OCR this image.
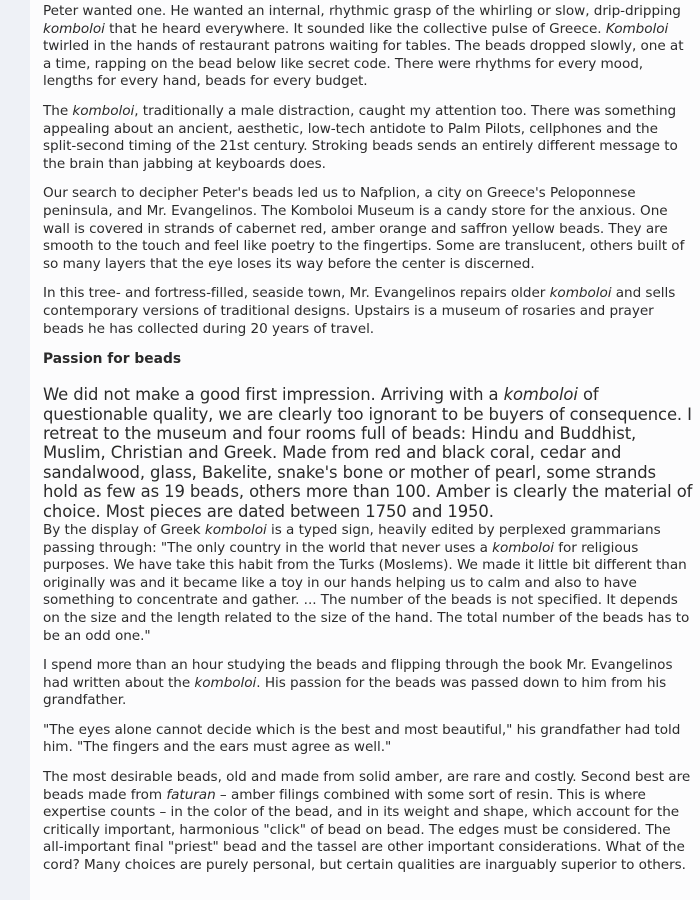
Peter wanted one. He wanted an internal, rhythmic grasp of the whirling or slow, drip-dripping komboloi that he heard everywhere. It sounded like the collective pulse of Greece. Komboloi twirled in the hands of restaurant patrons waiting for tables. The beads dropped slowly, one at a time, rapping on the bead below like secret code. There were rhythms for every mood, lengths for every hand, beads for every budget.

The komboloi, traditionally a male distraction, caught my attention too. There was something appealing about an ancient, aesthetic, low-tech antidote to Palm Pilots, cellphones and the split-second timing of the 21st century. Stroking beads sends an entirely different message to the brain than jabbing at keyboards does.

Our search to decipher Peter's beads led us to Nafplion, a city on Greece's Peloponnese peninsula, and Mr. Evangelinos. The Komboloi Museum is a candy store for the anxious. One wall is covered in strands of cabernet red, amber orange and saffron yellow beads. They are smooth to the touch and feel like poetry to the fingertips. Some are translucent, others built of so many layers that the eye loses its way before the center is discerned.

In this tree- and fortress-filled, seaside town, Mr. Evangelinos repairs older komboloi and sells contemporary versions of traditional designs. Upstairs is a museum of rosaries and prayer beads he has collected during 20 years of travel.

Passion for beads

We did not make a good first impression. Arriving with a komboloi of questionable quality, we are clearly too ignorant to be buyers of consequence. I retreat to the museum and four rooms full of beads: Hindu and Buddhist, Muslim, Christian and Greek. Made from red and black coral, cedar and sandalwood, glass, Bakelite, snake's bone or mother of pearl, some strands hold as few as 19 beads, others more than 100. Amber is clearly the material of choice. Most pieces are dated between 1750 and 1950.

By the display of Greek komboloi is a typed sign, heavily edited by perplexed grammarians passing through: "The only country in the world that never uses a komboloi for religious purposes. We have take this habit from the Turks (Moslems). We made it little bit different than originally was and it became like a toy in our hands helping us to calm and also to have something to concentrate and gather. ... The number of the beads is not specified. It depends on the size and the length related to the size of the hand. The total number of the beads has to be an odd one."

I spend more than an hour studying the beads and flipping through the book Mr. Evangelinos had written about the komboloi. His passion for the beads was passed down to him from his grandfather.

"The eyes alone cannot decide which is the best and most beautiful," his grandfather had told him. "The fingers and the ears must agree as well."

The most desirable beads, old and made from solid amber, are rare and costly. Second best are beads made from faturan – amber filings combined with some sort of resin. This is where expertise counts – in the color of the bead, and in its weight and shape, which account for the critically important, harmonious "click" of bead on bead. The edges must be considered. The all-important final "priest" bead and the tassel are other important considerations. What of the cord? Many choices are purely personal, but certain qualities are inarguably superior to others.
